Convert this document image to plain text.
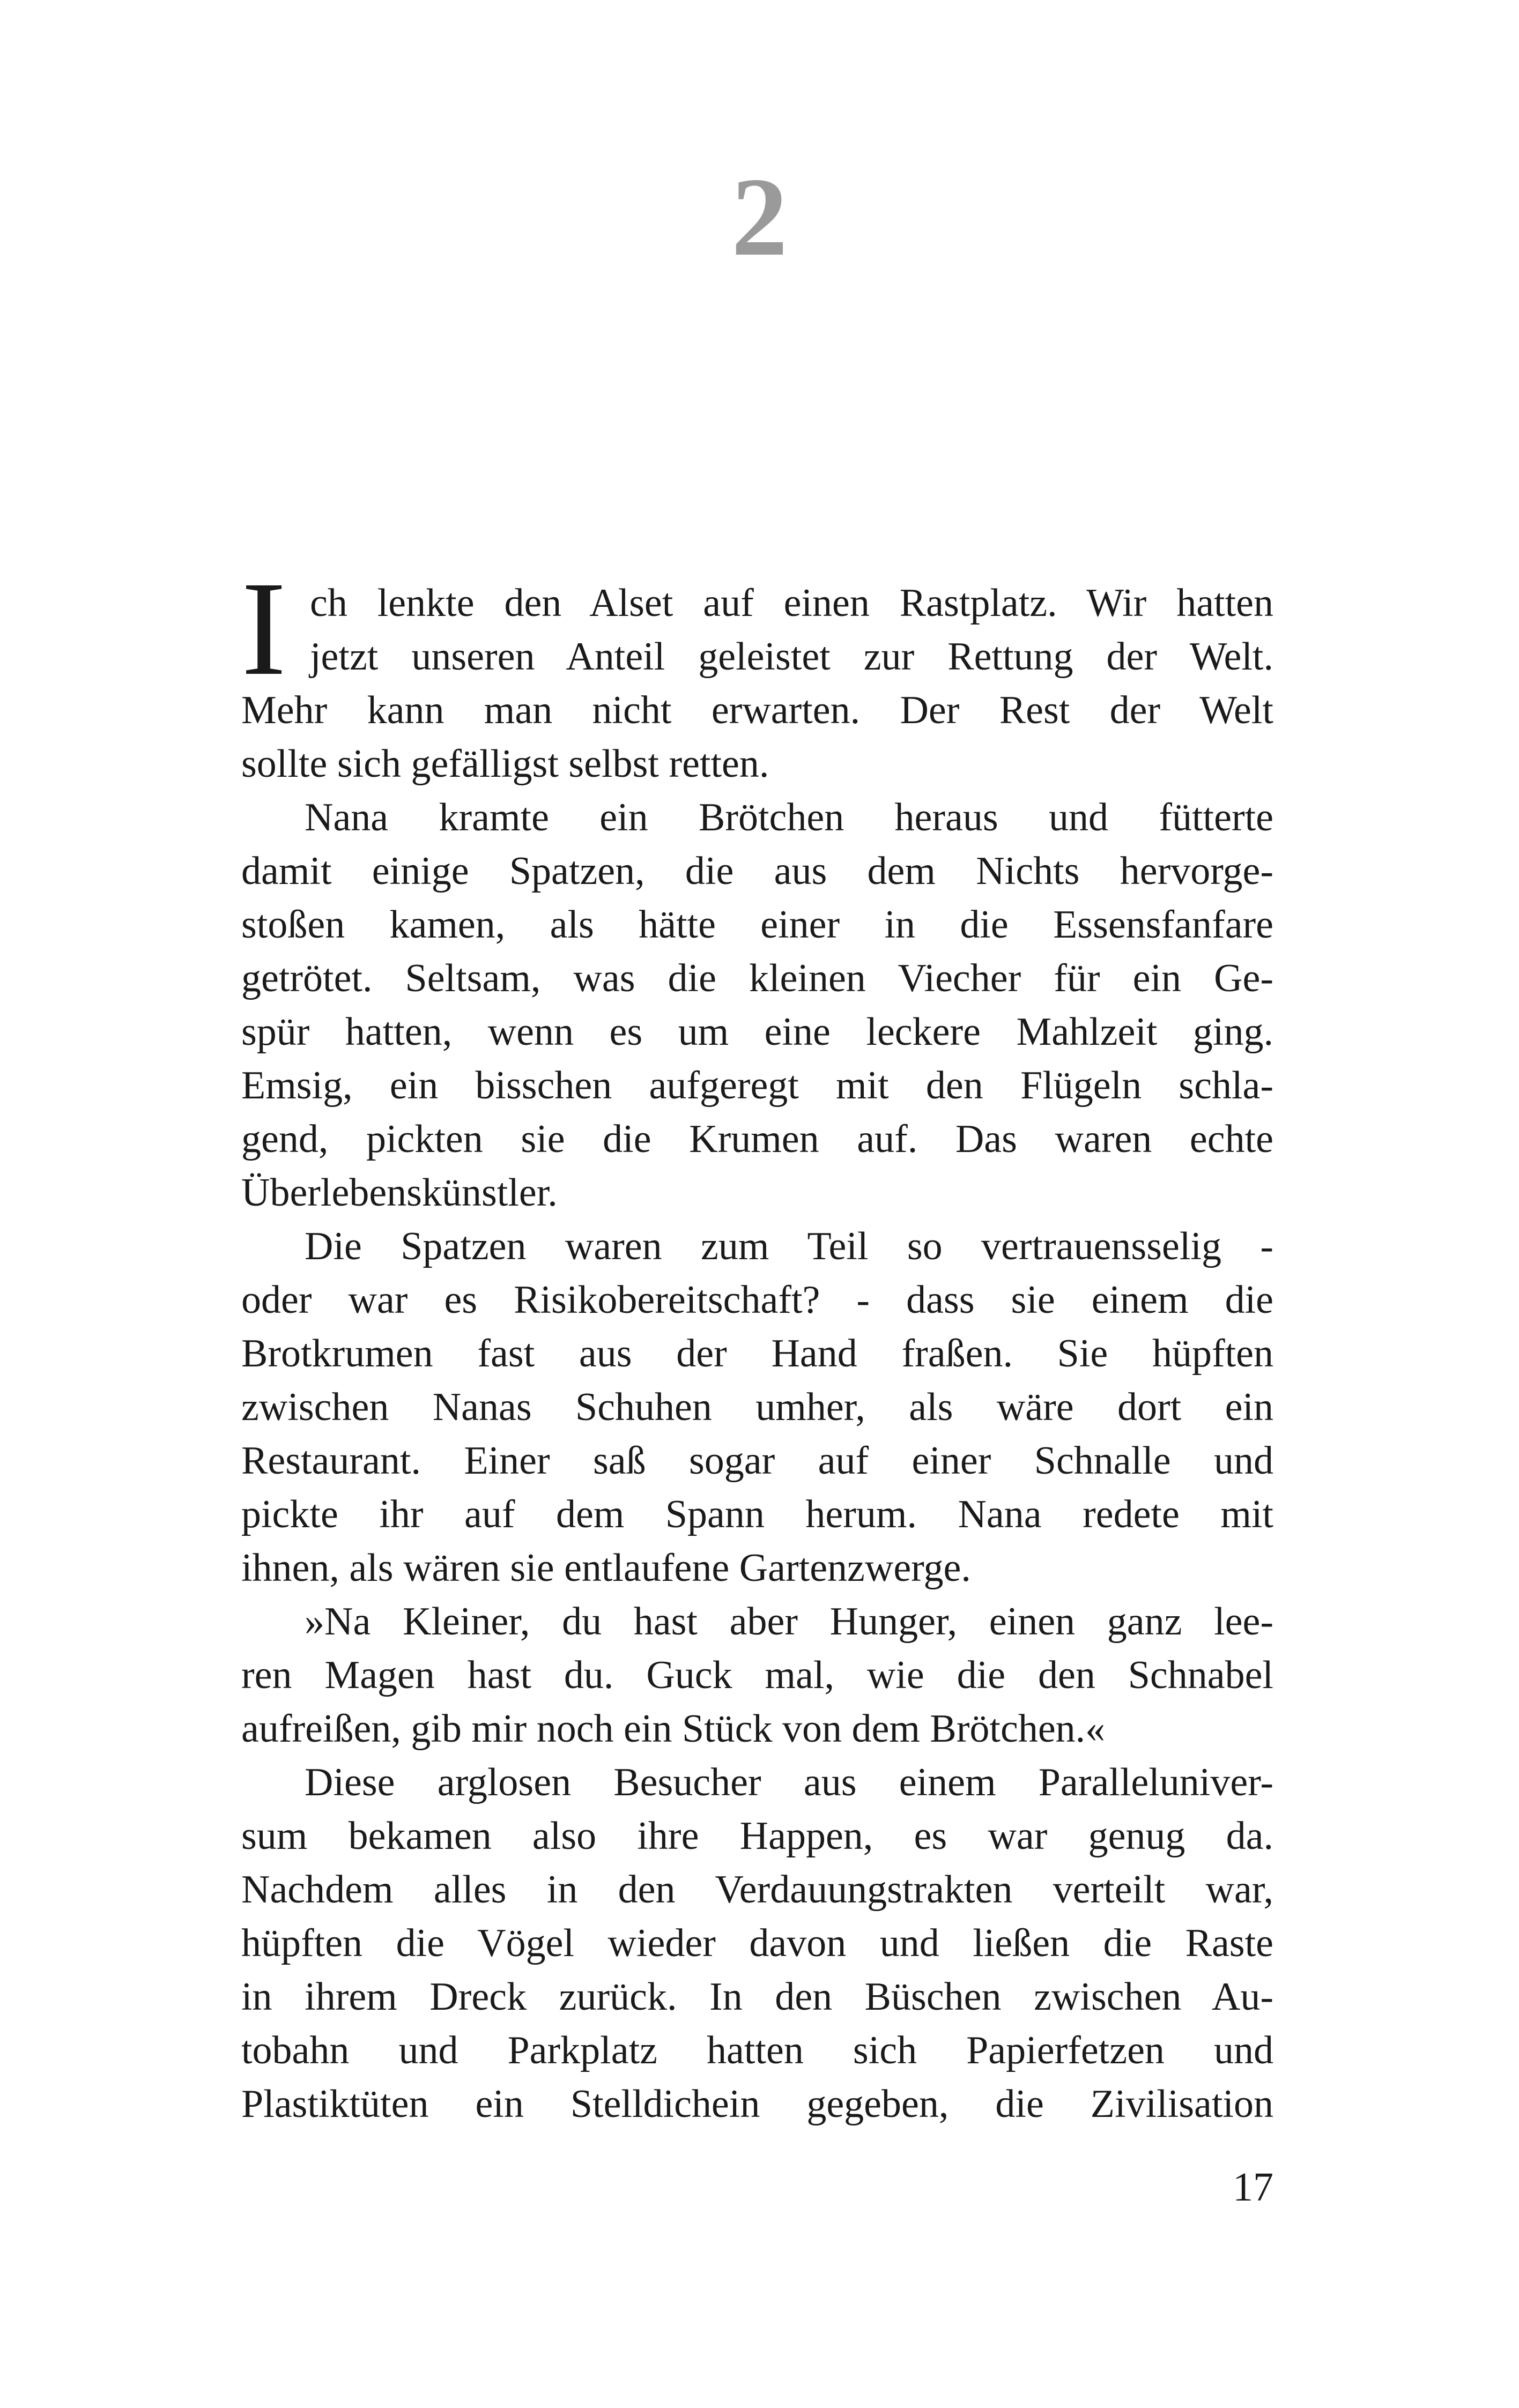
2
I ch lenkte den Alset auf einen Rastplatz. Wir hatten
jetzt unseren Anteil geleistet zur Rettung der Welt.
Mehr kann man nicht erwarten. Der Rest der Welt
sollte sich gefälligst selbst retten.
Nana kramte ein Brötchen heraus und fütterte
damit einige Spatzen, die aus dem Nichts hervorge-
stoßen kamen, als hätte einer in die Essensfanfare
getrötet. Seltsam, was die kleinen Viecher für ein Ge-
spür hatten, wenn es um eine leckere Mahlzeit ging.
Emsig, ein bisschen aufgeregt mit den Flügeln schla-
gend, pickten sie die Krumen auf. Das waren echte
Überlebenskünstler.
Die Spatzen waren zum Teil so vertrauensselig -
oder war es Risikobereitschaft? - dass sie einem die
Brotkrumen fast aus der Hand fraßen. Sie hüpften
zwischen Nanas Schuhen umher, als wäre dort ein
Restaurant. Einer saß sogar auf einer Schnalle und
pickte ihr auf dem Spann herum. Nana redete mit
ihnen, als wären sie entlaufene Gartenzwerge.
»Na Kleiner, du hast aber Hunger, einen ganz lee-
ren Magen hast du. Guck mal, wie die den Schnabel
aufreißen, gib mir noch ein Stück von dem Brötchen.«
Diese arglosen Besucher aus einem Paralleluniver-
sum bekamen also ihre Happen, es war genug da.
Nachdem alles in den Verdauungstrakten verteilt war,
hüpften die Vögel wieder davon und ließen die Raste
in ihrem Dreck zurück. In den Büschen zwischen Au-
tobahn und Parkplatz hatten sich Papierfetzen und
Plastiktüten ein Stelldichein gegeben, die Zivilisation
17
